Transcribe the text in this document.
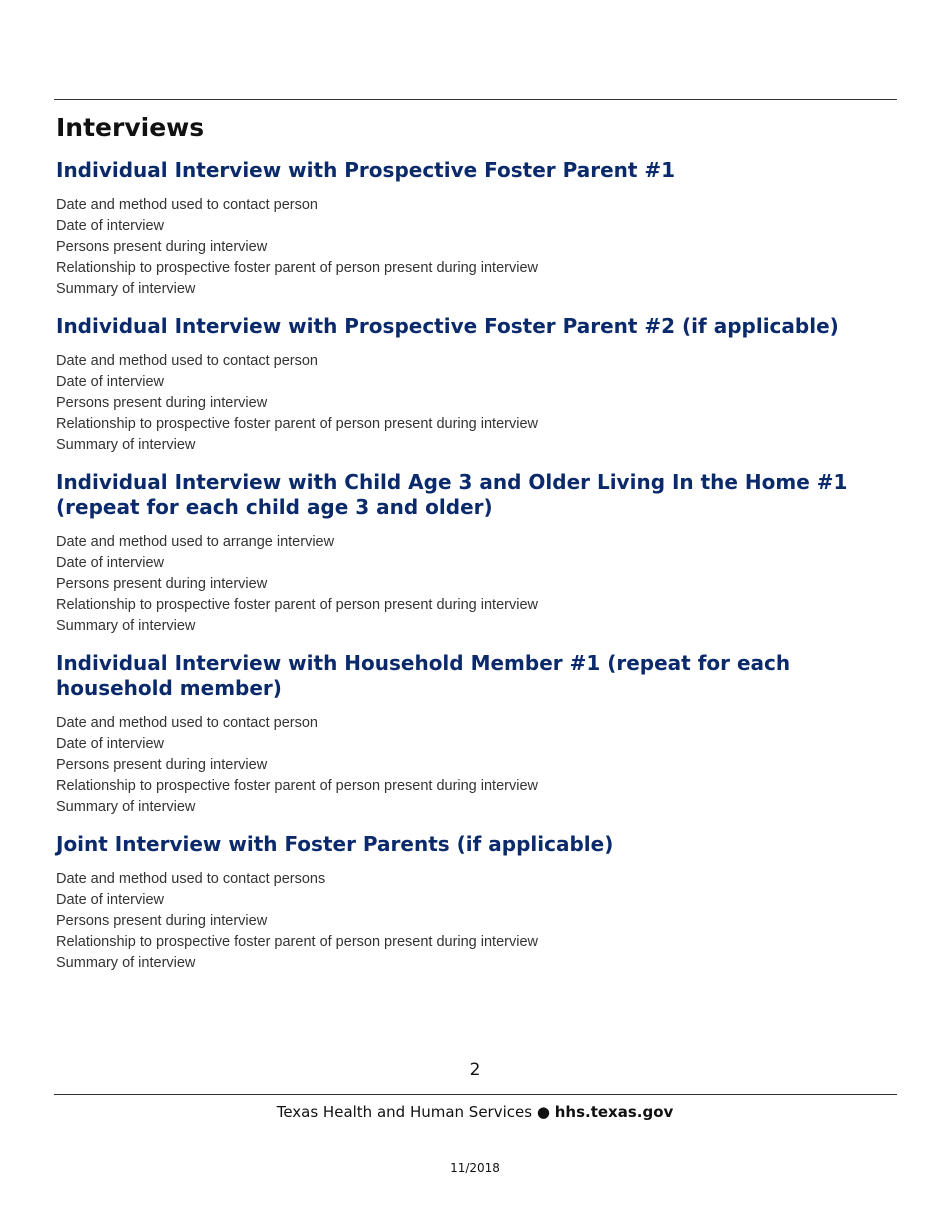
Interviews
Individual Interview with Prospective Foster Parent #1
Date and method used to contact person
Date of interview
Persons present during interview
Relationship to prospective foster parent of person present during interview
Summary of interview
Individual Interview with Prospective Foster Parent #2 (if applicable)
Date and method used to contact person
Date of interview
Persons present during interview
Relationship to prospective foster parent of person present during interview
Summary of interview
Individual Interview with Child Age 3 and Older Living In the Home #1 (repeat for each child age 3 and older)
Date and method used to arrange interview
Date of interview
Persons present during interview
Relationship to prospective foster parent of person present during interview
Summary of interview
Individual Interview with Household Member #1 (repeat for each household member)
Date and method used to contact person
Date of interview
Persons present during interview
Relationship to prospective foster parent of person present during interview
Summary of interview
Joint Interview with Foster Parents (if applicable)
Date and method used to contact persons
Date of interview
Persons present during interview
Relationship to prospective foster parent of person present during interview
Summary of interview
2
Texas Health and Human Services ● hhs.texas.gov
11/2018
